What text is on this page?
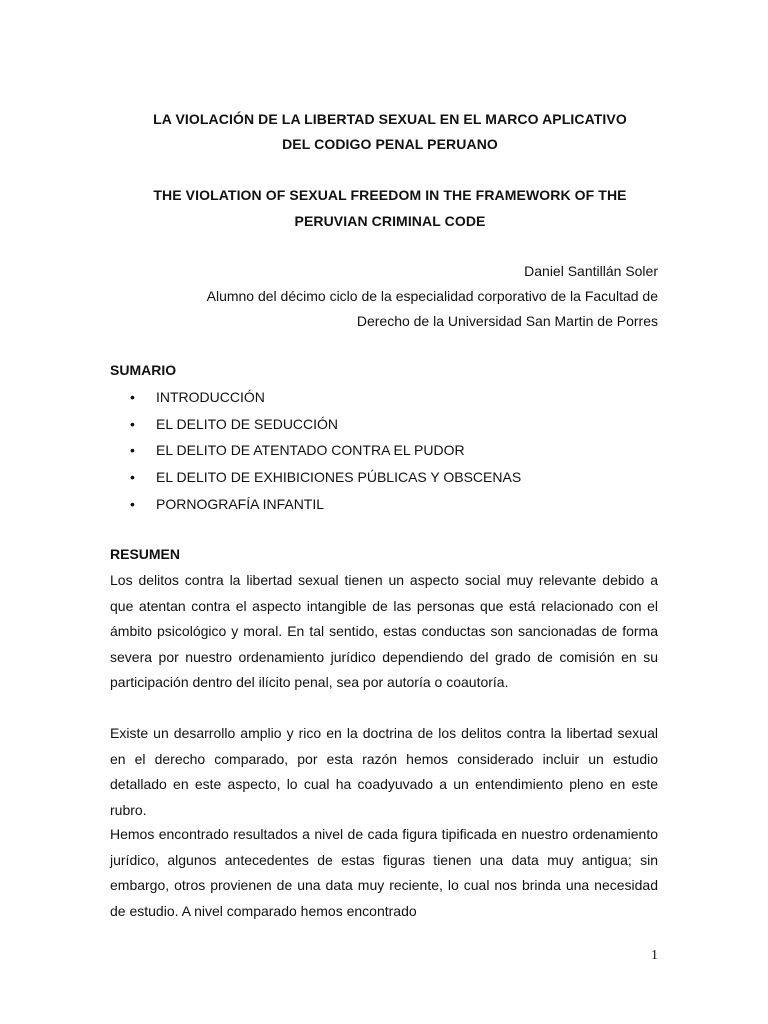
LA VIOLACIÓN DE LA LIBERTAD SEXUAL EN EL MARCO APLICATIVO
DEL CODIGO PENAL PERUANO
THE VIOLATION OF SEXUAL FREEDOM IN THE FRAMEWORK OF THE
PERUVIAN CRIMINAL CODE
Daniel Santillán Soler
Alumno del décimo ciclo de la especialidad corporativo de la Facultad de
Derecho de la Universidad San Martin de Porres
SUMARIO
• INTRODUCCIÓN
• EL DELITO DE SEDUCCIÓN
• EL DELITO DE ATENTADO CONTRA EL PUDOR
• EL DELITO DE EXHIBICIONES PÚBLICAS Y OBSCENAS
• PORNOGRAFÍA INFANTIL
RESUMEN
Los delitos contra la libertad sexual tienen un aspecto social muy relevante debido a que atentan contra el aspecto intangible de las personas que está relacionado con el ámbito psicológico y moral. En tal sentido, estas conductas son sancionadas de forma severa por nuestro ordenamiento jurídico dependiendo del grado de comisión en su participación dentro del ilícito penal, sea por autoría o coautoría.
Existe un desarrollo amplio y rico en la doctrina de los delitos contra la libertad sexual en el derecho comparado, por esta razón hemos considerado incluir un estudio detallado en este aspecto, lo cual ha coadyuvado a un entendimiento pleno en este rubro.
Hemos encontrado resultados a nivel de cada figura tipificada en nuestro ordenamiento jurídico, algunos antecedentes de estas figuras tienen una data muy antigua; sin embargo, otros provienen de una data muy reciente, lo cual nos brinda una necesidad de estudio. A nivel comparado hemos encontrado
1
